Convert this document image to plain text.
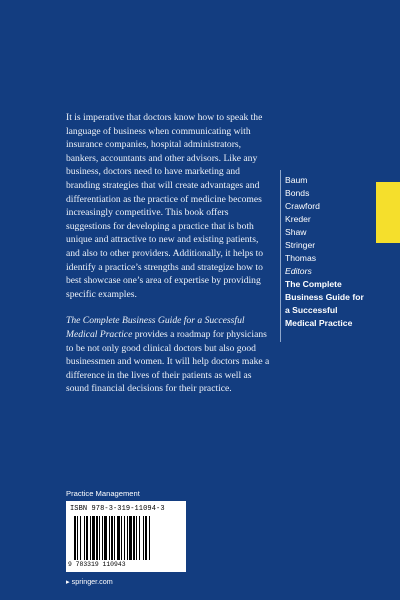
It is imperative that doctors know how to speak the language of business when communicating with insurance companies, hospital administrators, bankers, accountants and other advisors. Like any business, doctors need to have marketing and branding strategies that will create advantages and differentiation as the practice of medicine becomes increasingly competitive. This book offers suggestions for developing a practice that is both unique and attractive to new and existing patients, and also to other providers. Additionally, it helps to identify a practice’s strengths and strategize how to best showcase one’s area of expertise by providing specific examples.

The Complete Business Guide for a Successful Medical Practice provides a roadmap for physicians to be not only good clinical doctors but also good businessmen and women. It will help doctors make a difference in the lives of their patients as well as sound financial decisions for their practice.

Baum
Bonds
Crawford
Kreder
Shaw
Stringer
Thomas
Editors
The Complete Business Guide for a Successful Medical Practice
Practice Management
ISBN 978-3-319-11094-3
9 783319 110943
▸ springer.com
